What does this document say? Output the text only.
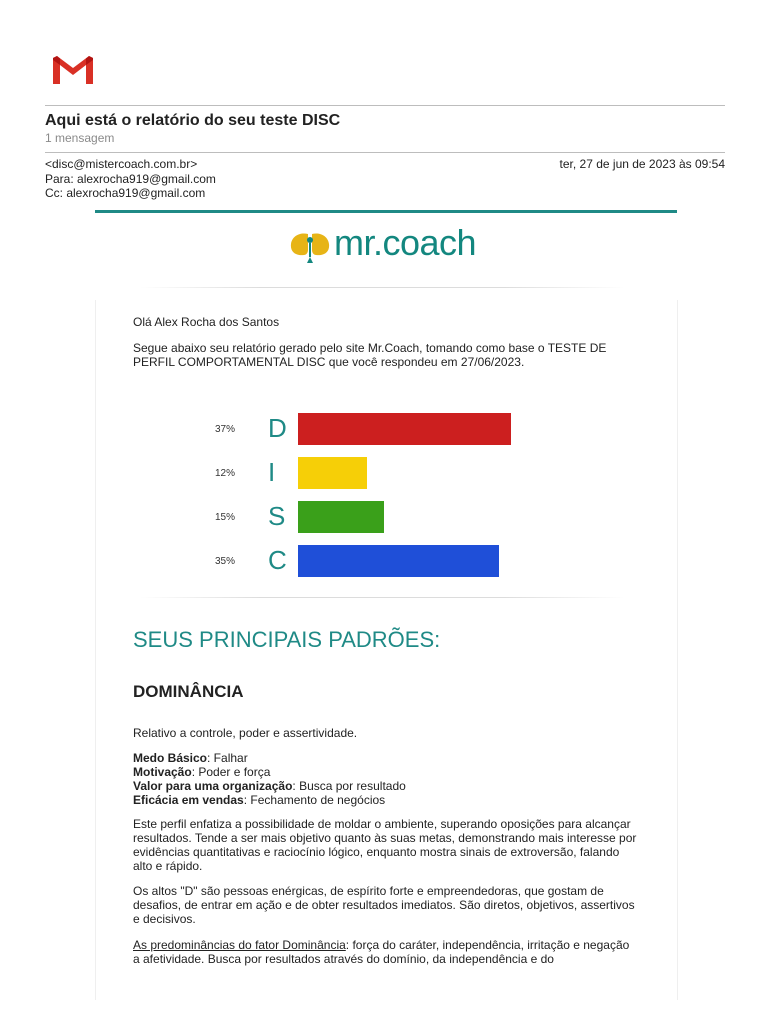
Aqui está o relatório do seu teste DISC
1 mensagem
<disc@mistercoach.com.br>	ter, 27 de jun de 2023 às 09:54
Para: alexrocha919@gmail.com
Cc: alexrocha919@gmail.com
mr.coach
Olá Alex Rocha dos Santos
Segue abaixo seu relatório gerado pelo site Mr.Coach, tomando como base o TESTE DE PERFIL COMPORTAMENTAL DISC que você respondeu em 27/06/2023.
37% D
12% I
15% S
35% C
SEUS PRINCIPAIS PADRÕES:
DOMINÂNCIA
Relativo a controle, poder e assertividade.
Medo Básico: Falhar
Motivação: Poder e força
Valor para uma organização: Busca por resultado
Eficácia em vendas: Fechamento de negócios
Este perfil enfatiza a possibilidade de moldar o ambiente, superando oposições para alcançar resultados. Tende a ser mais objetivo quanto às suas metas, demonstrando mais interesse por evidências quantitativas e raciocínio lógico, enquanto mostra sinais de extroversão, falando alto e rápido.
Os altos "D" são pessoas enérgicas, de espírito forte e empreendedoras, que gostam de desafios, de entrar em ação e de obter resultados imediatos. São diretos, objetivos, assertivos e decisivos.
As predominâncias do fator Dominância: força do caráter, independência, irritação e negação a afetividade. Busca por resultados através do domínio, da independência e do
